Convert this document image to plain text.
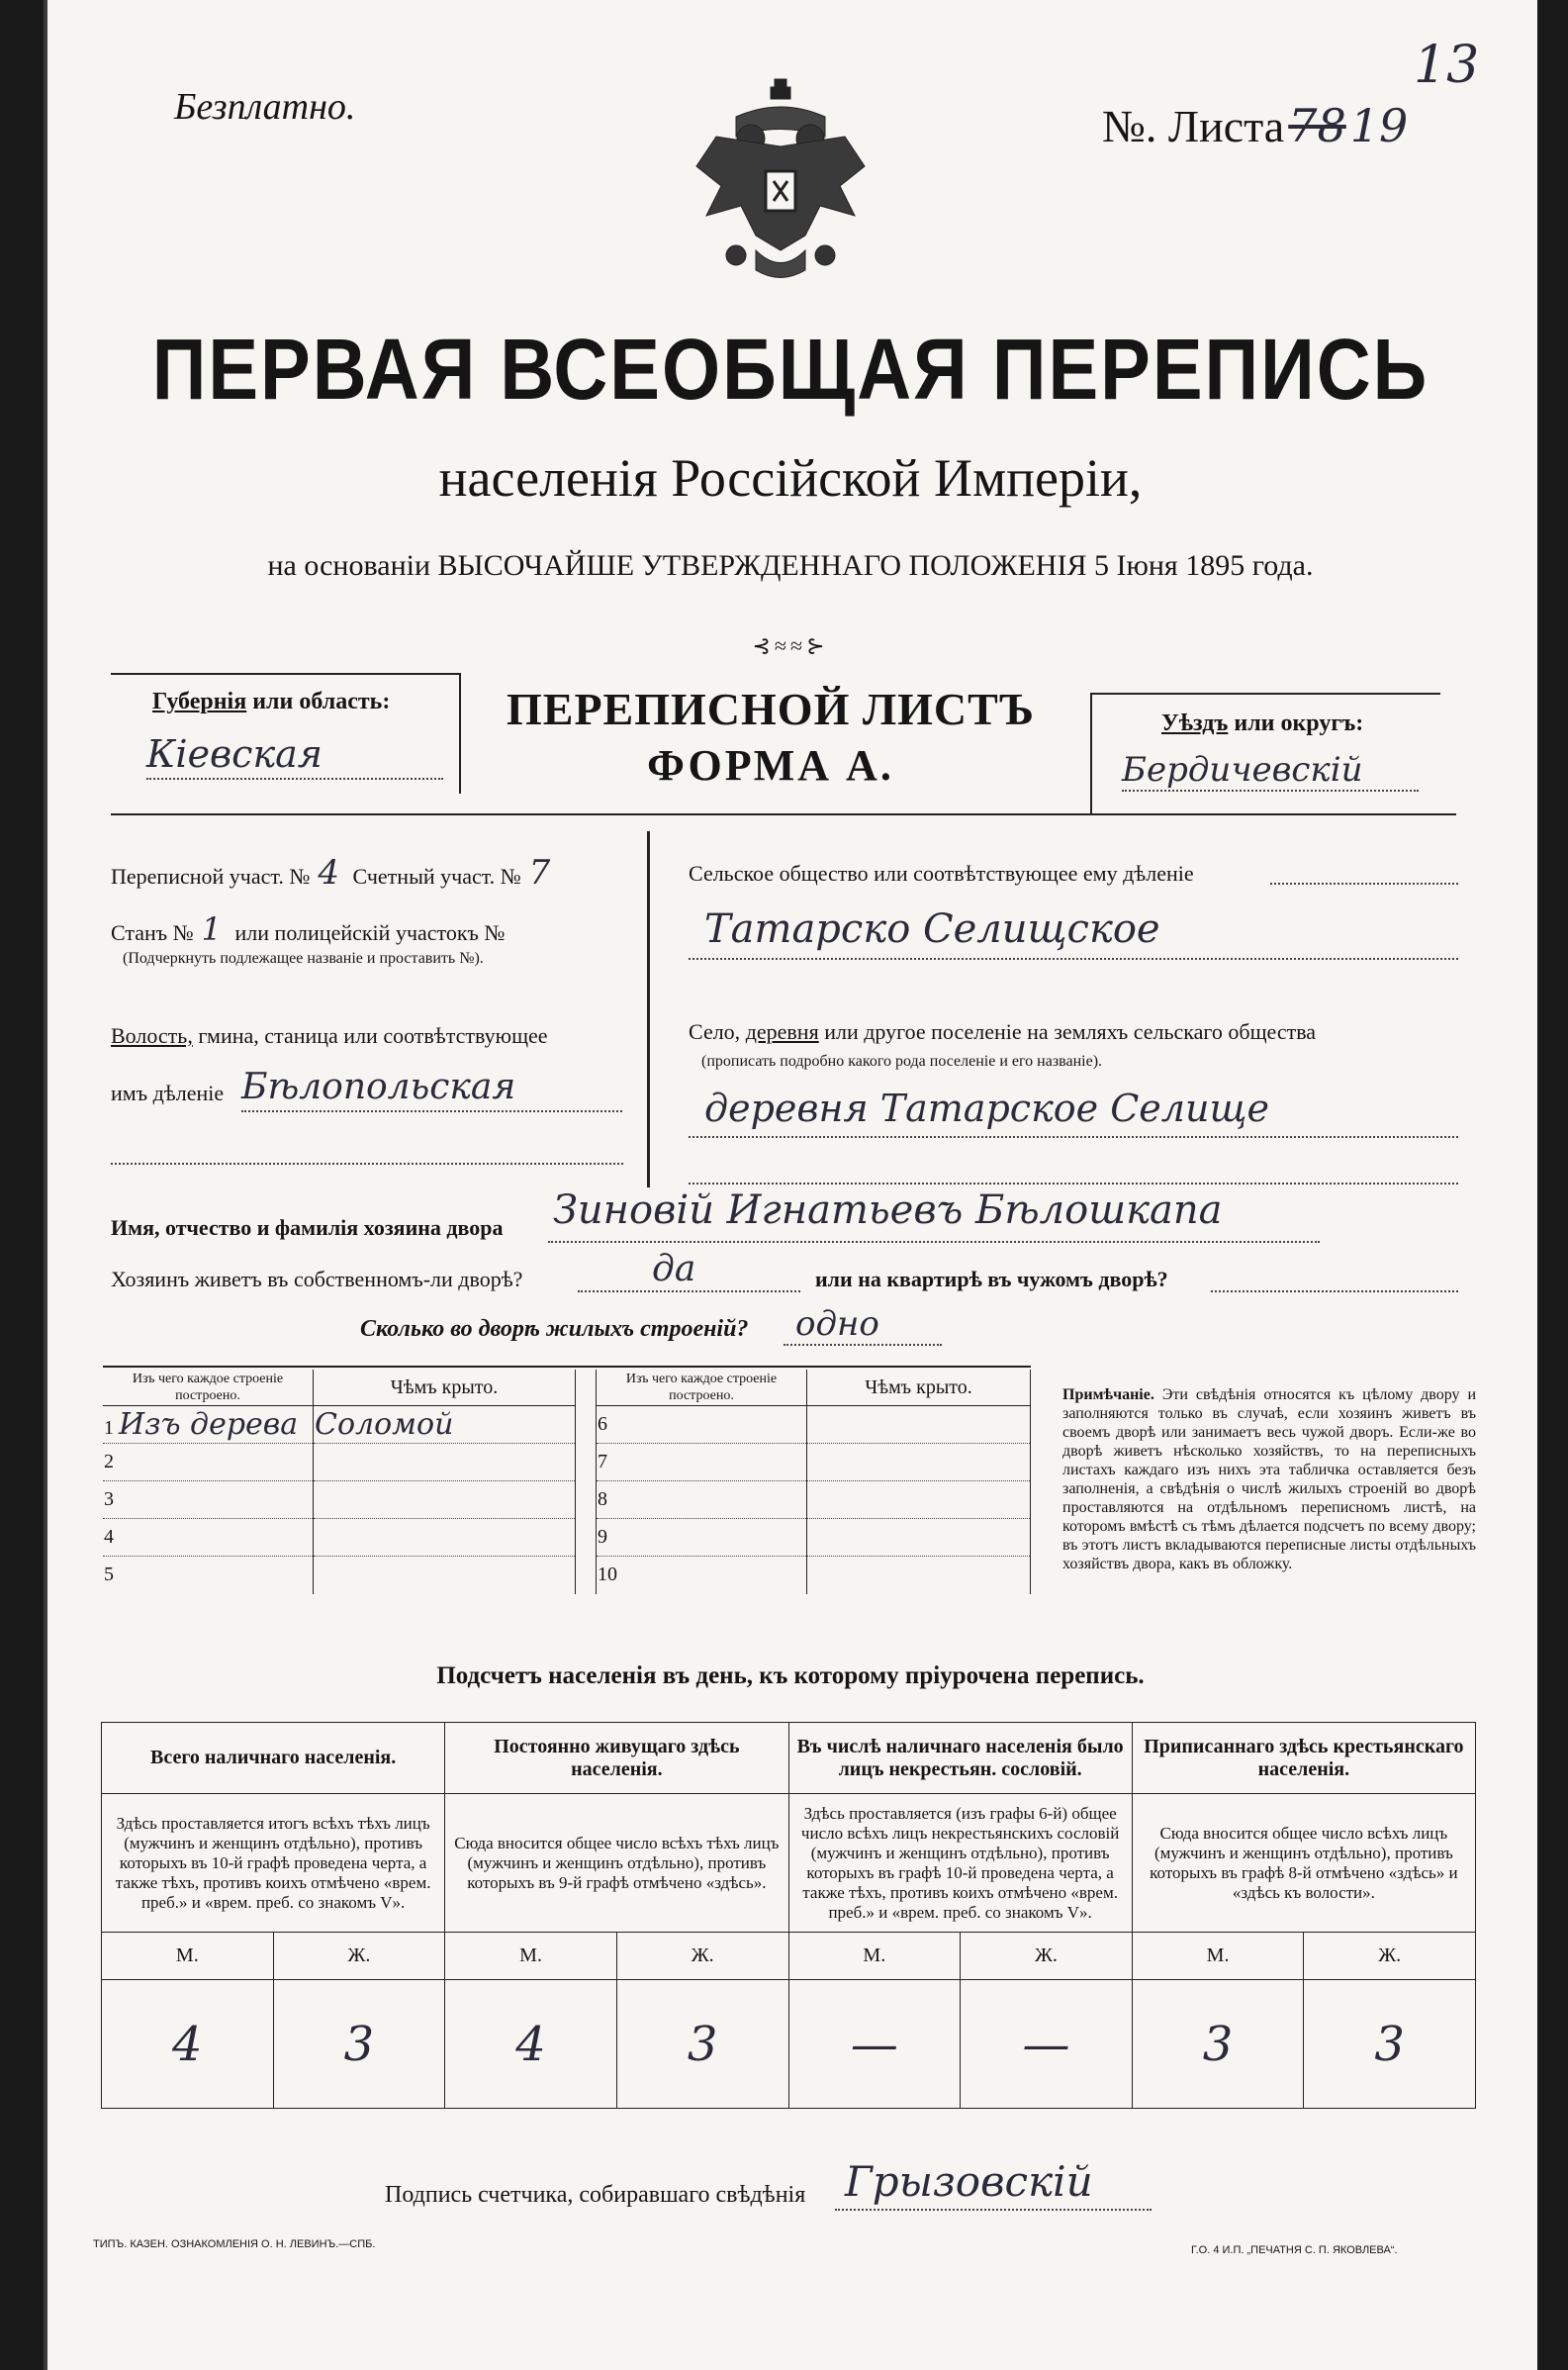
Безплатно.	№. Листа7819
13
ПЕРВАЯ ВСЕОБЩАЯ ПЕРЕПИСЬ
населенія Россійской Имперіи,
на основаніи ВЫСОЧАЙШЕ УТВЕРЖДЕННАГО ПОЛОЖЕНІЯ 5 Іюня 1895 года.
⊰≈≈⊱
Губернія или область:
Кіевская
ПЕРЕПИСНОЙ ЛИСТЪ
ФОРМА А.
Уѣздъ или округъ:
Бердичевскій
Переписной участ. № 4 Счетный участ. № 7
Станъ № 1 или полицейскій участокъ №
(Подчеркнуть подлежащее названіе и проставить №).
Волость, гмина, станица или соотвѣтствующее
имъ дѣленіе Бѣлопольская
Сельское общество или соотвѣтствующее ему дѣленіе
Татарско Селищское
Село, деревня или другое поселеніе на земляхъ сельскаго общества
(прописать подробно какого рода поселеніе и его названіе).
деревня Татарское Селище
Имя, отчество и фамилія хозяина двора Зиновій Игнатьевъ Бѣлошкапа
Хозяинъ живетъ въ собственномъ-ли дворѣ?	да	или на квартирѣ въ чужомъ дворѣ?
Сколько во дворѣ жилыхъ строеній? одно
Изъ чего каждое строеніе построено.	Чѣмъ крыто.
1 Изъ дерева	Соломой
2	
3	
4	
5	
Изъ чего каждое строеніе построено.	Чѣмъ крыто.
6	
7	
8	
9	
10	
Примѣчаніе. Эти свѣдѣнія относятся къ цѣлому двору и заполняются только въ случаѣ, если хозяинъ живетъ въ своемъ дворѣ или занимаетъ весь чужой дворъ. Если-же во дворѣ живетъ нѣсколько хозяйствъ, то на переписныхъ листахъ каждаго изъ нихъ эта табличка оставляется безъ заполненія, а свѣдѣнія о числѣ жилыхъ строеній во дворѣ проставляются на отдѣльномъ переписномъ листѣ, на которомъ вмѣстѣ съ тѣмъ дѣлается подсчетъ по всему двору; въ этотъ листъ вкладываются переписные листы отдѣльныхъ хозяйствъ двора, какъ въ обложку.
Подсчетъ населенія въ день, къ которому пріурочена перепись.
Всего наличнаго населенія.		Постоянно живущаго здѣсь населенія.		Въ числѣ наличнаго населенія было лицъ некрестьян. сословій.		Приписаннаго здѣсь крестьянскаго населенія.	
Здѣсь проставляется итогъ всѣхъ тѣхъ лицъ (мужчинъ и женщинъ отдѣльно), противъ которыхъ въ 10-й графѣ проведена черта, а также тѣхъ, противъ коихъ отмѣчено «врем. преб.» и «врем. преб. со знакомъ V».		Сюда вносится общее число всѣхъ тѣхъ лицъ (мужчинъ и женщинъ отдѣльно), противъ которыхъ въ 9-й графѣ отмѣчено «здѣсь».		Здѣсь проставляется (изъ графы 6-й) общее число всѣхъ лицъ некрестьянскихъ сословій (мужчинъ и женщинъ отдѣльно), противъ которыхъ въ графѣ 10-й проведена черта, а также тѣхъ, противъ коихъ отмѣчено «врем. преб.» и «врем. преб. со знакомъ V».		Сюда вносится общее число всѣхъ лицъ (мужчинъ и женщинъ отдѣльно), противъ которыхъ въ графѣ 8-й отмѣчено «здѣсь» и «здѣсь къ волости».	
М.	Ж.	М.	Ж.	М.	Ж.	М.	Ж.
4	3	4	3	—	—	3	3
Подпись счетчика, собиравшаго свѣдѣнія Грызовскій
ТИПЪ. КАЗЕН. ОЗНАКОМЛЕНІЯ О. Н. ЛЕВИНЪ.—СПБ.	Г.О. 4 И.П. „ПЕЧАТНЯ С. П. ЯКОВЛЕВА“.
